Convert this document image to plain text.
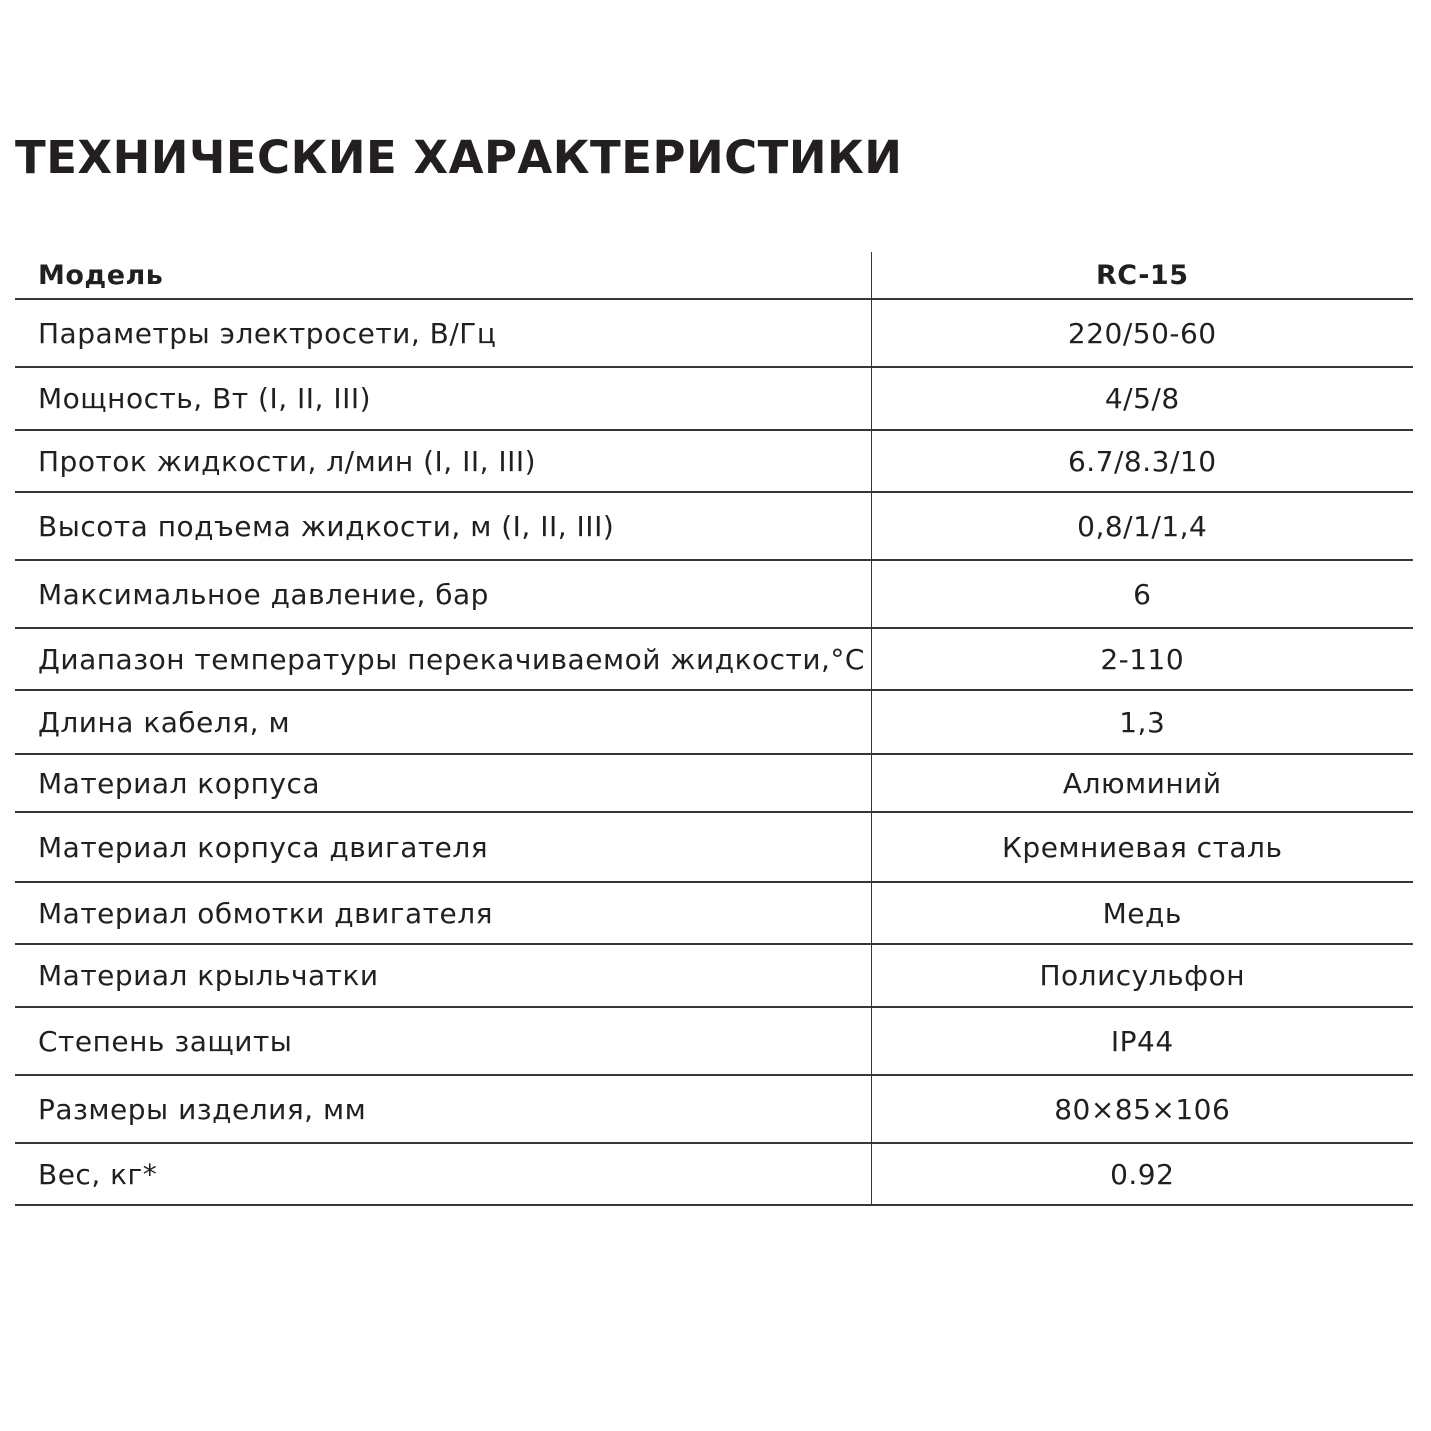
ТЕХНИЧЕСКИЕ ХАРАКТЕРИСТИКИ
Модель	RC-15
Параметры электросети, В/Гц	220/50-60
Мощность, Вт (I, II, III)	4/5/8
Проток жидкости, л/мин (I, II, III)	6.7/8.3/10
Высота подъема жидкости, м (I, II, III)	0,8/1/1,4
Максимальное давление, бар	6
Диапазон температуры перекачиваемой жидкости,°С	2-110
Длина кабеля, м	1,3
Материал корпуса	Алюминий
Материал корпуса двигателя	Кремниевая сталь
Материал обмотки двигателя	Медь
Материал крыльчатки	Полисульфон
Степень защиты	IP44
Размеры изделия, мм	80×85×106
Вес, кг*	0.92
